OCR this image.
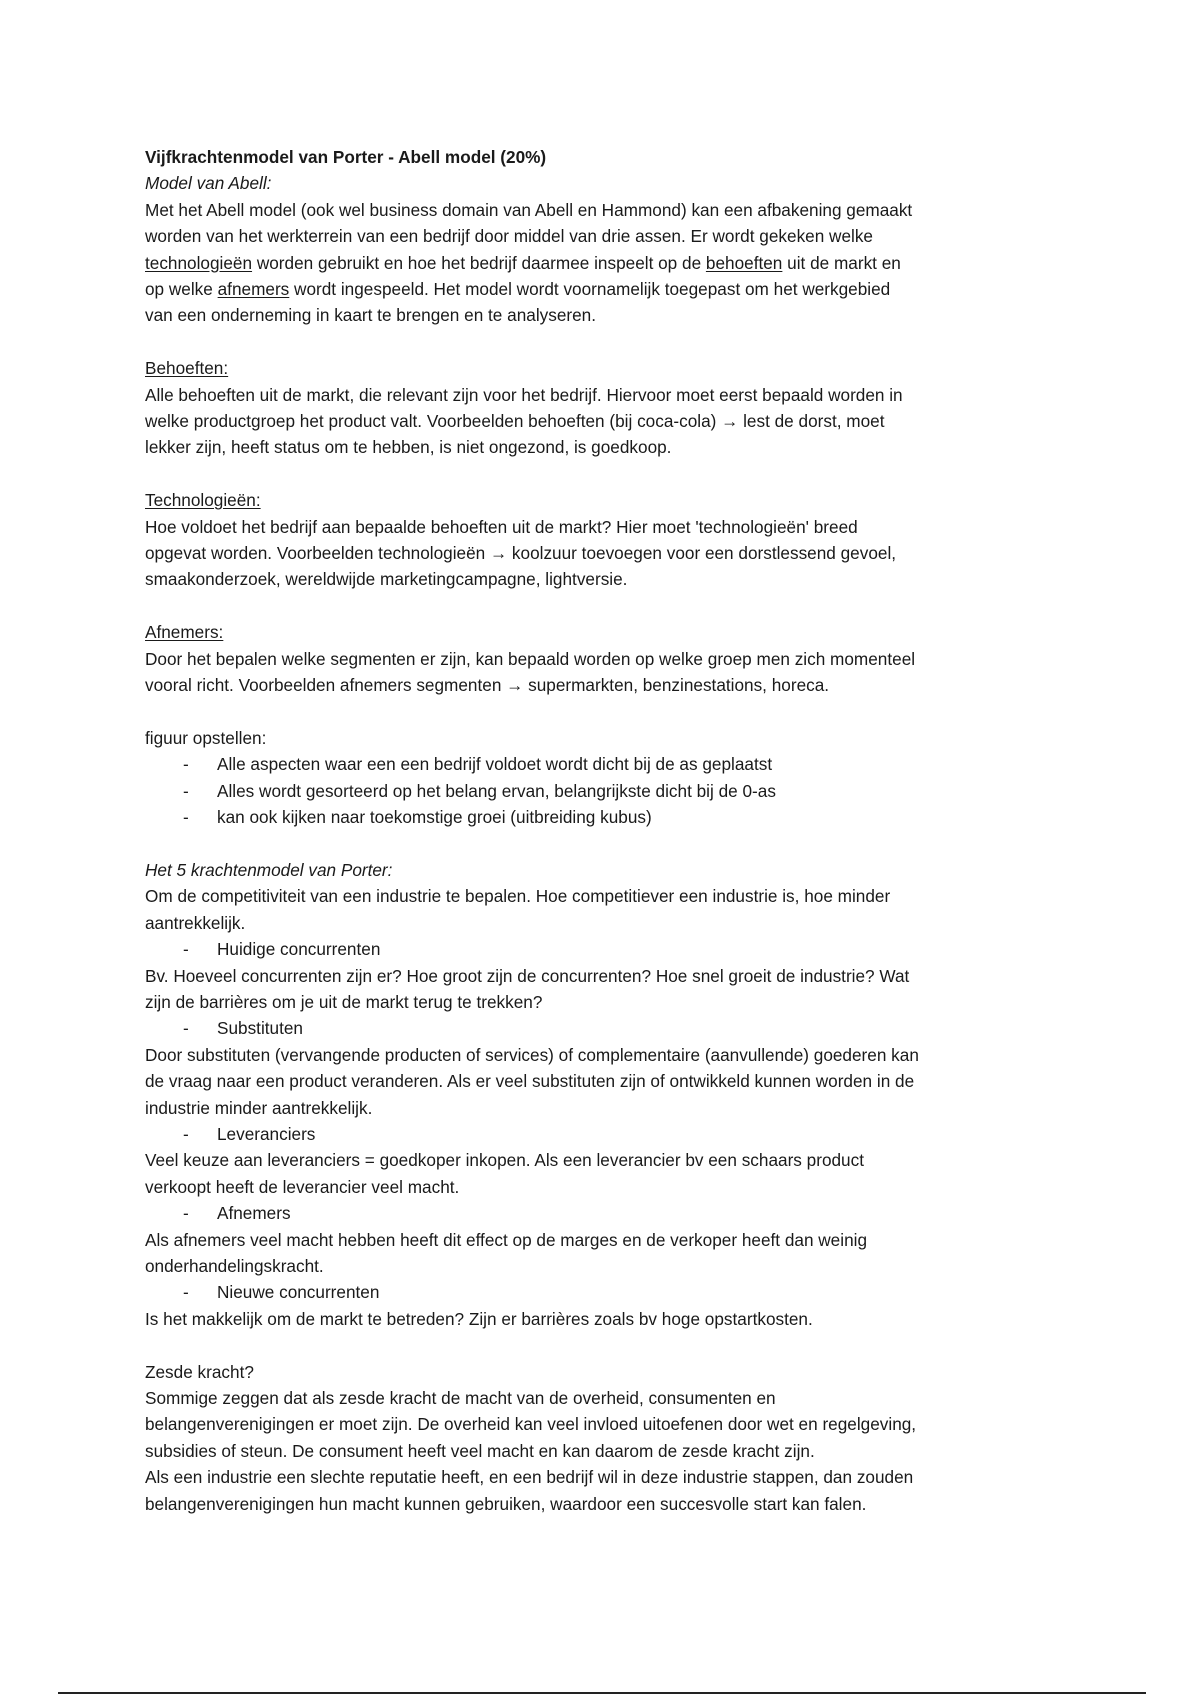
Vijfkrachtenmodel van Porter - Abell model (20%)
Model van Abell:
Met het Abell model (ook wel business domain van Abell en Hammond) kan een afbakening gemaakt
worden van het werkterrein van een bedrijf door middel van drie assen. Er wordt gekeken welke
technologieën worden gebruikt en hoe het bedrijf daarmee inspeelt op de behoeften uit de markt en
op welke afnemers wordt ingespeeld. Het model wordt voornamelijk toegepast om het werkgebied
van een onderneming in kaart te brengen en te analyseren.
Behoeften:
Alle behoeften uit de markt, die relevant zijn voor het bedrijf. Hiervoor moet eerst bepaald worden in
welke productgroep het product valt. Voorbeelden behoeften (bij coca-cola) → lest de dorst, moet
lekker zijn, heeft status om te hebben, is niet ongezond, is goedkoop.
Technologieën:
Hoe voldoet het bedrijf aan bepaalde behoeften uit de markt? Hier moet 'technologieën' breed
opgevat worden. Voorbeelden technologieën → koolzuur toevoegen voor een dorstlessend gevoel,
smaakonderzoek, wereldwijde marketingcampagne, lightversie.
Afnemers:
Door het bepalen welke segmenten er zijn, kan bepaald worden op welke groep men zich momenteel
vooral richt. Voorbeelden afnemers segmenten → supermarkten, benzinestations, horeca.
figuur opstellen:
- Alle aspecten waar een een bedrijf voldoet wordt dicht bij de as geplaatst
- Alles wordt gesorteerd op het belang ervan, belangrijkste dicht bij de 0-as
- kan ook kijken naar toekomstige groei (uitbreiding kubus)
Het 5 krachtenmodel van Porter:
Om de competitiviteit van een industrie te bepalen. Hoe competitiever een industrie is, hoe minder
aantrekkelijk.
- Huidige concurrenten
Bv. Hoeveel concurrenten zijn er? Hoe groot zijn de concurrenten? Hoe snel groeit de industrie? Wat
zijn de barrières om je uit de markt terug te trekken?
- Substituten
Door substituten (vervangende producten of services) of complementaire (aanvullende) goederen kan
de vraag naar een product veranderen. Als er veel substituten zijn of ontwikkeld kunnen worden in de
industrie minder aantrekkelijk.
- Leveranciers
Veel keuze aan leveranciers = goedkoper inkopen. Als een leverancier bv een schaars product
verkoopt heeft de leverancier veel macht.
- Afnemers
Als afnemers veel macht hebben heeft dit effect op de marges en de verkoper heeft dan weinig
onderhandelingskracht.
- Nieuwe concurrenten
Is het makkelijk om de markt te betreden? Zijn er barrières zoals bv hoge opstartkosten.
Zesde kracht?
Sommige zeggen dat als zesde kracht de macht van de overheid, consumenten en
belangenverenigingen er moet zijn. De overheid kan veel invloed uitoefenen door wet en regelgeving,
subsidies of steun. De consument heeft veel macht en kan daarom de zesde kracht zijn.
Als een industrie een slechte reputatie heeft, en een bedrijf wil in deze industrie stappen, dan zouden
belangenverenigingen hun macht kunnen gebruiken, waardoor een succesvolle start kan falen.
